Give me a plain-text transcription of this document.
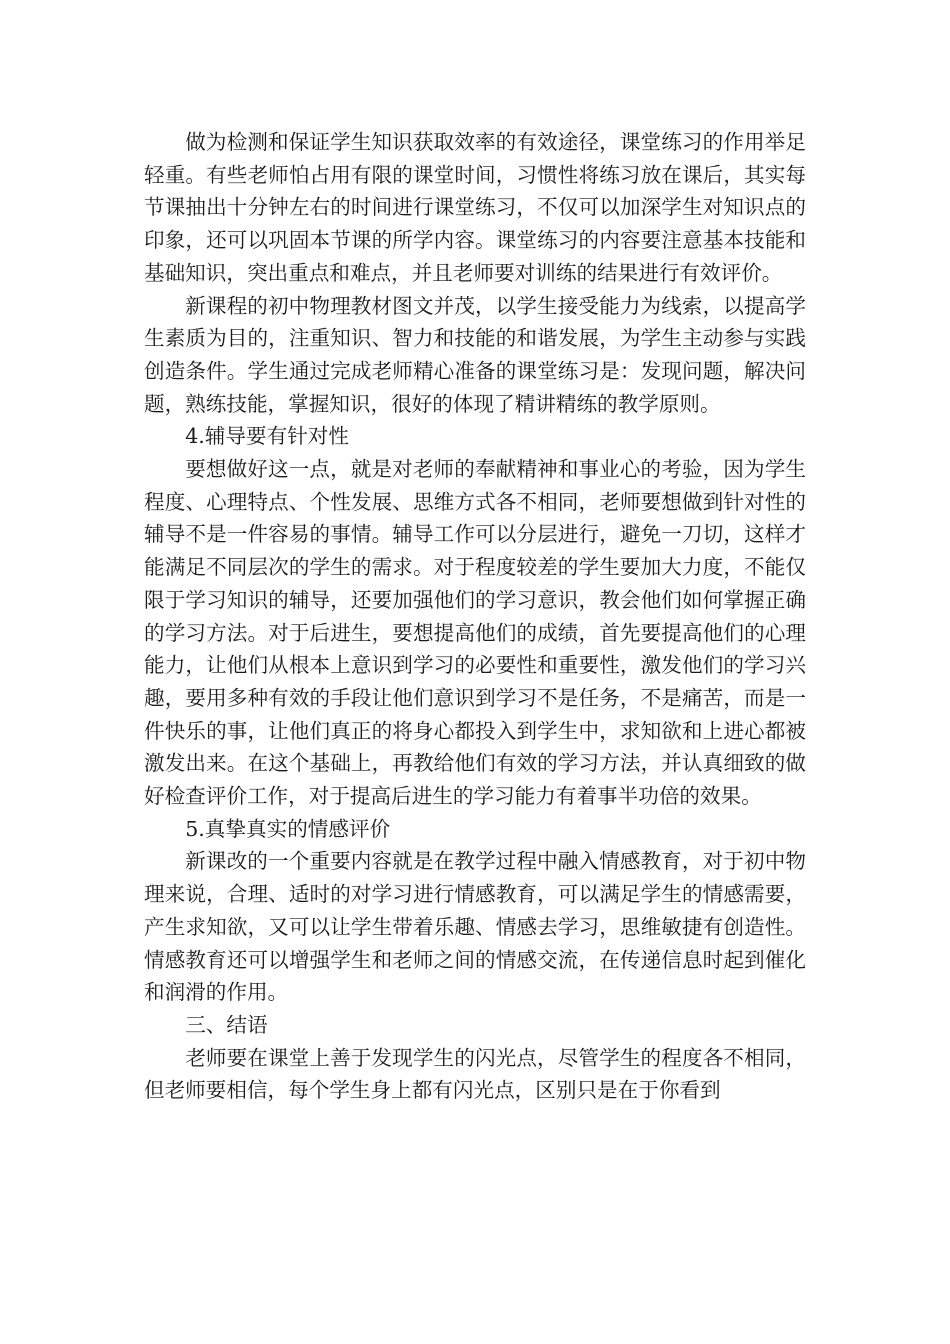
做为检测和保证学生知识获取效率的有效途径，课堂练习的作用举足轻重。有些老师怕占用有限的课堂时间，习惯性将练习放在课后，其实每节课抽出十分钟左右的时间进行课堂练习，不仅可以加深学生对知识点的印象，还可以巩固本节课的所学内容。课堂练习的内容要注意基本技能和基础知识，突出重点和难点，并且老师要对训练的结果进行有效评价。

新课程的初中物理教材图文并茂，以学生接受能力为线索，以提高学生素质为目的，注重知识、智力和技能的和谐发展，为学生主动参与实践创造条件。学生通过完成老师精心准备的课堂练习是：发现问题，解决问题，熟练技能，掌握知识，很好的体现了精讲精练的教学原则。

4.辅导要有针对性

要想做好这一点，就是对老师的奉献精神和事业心的考验，因为学生程度、心理特点、个性发展、思维方式各不相同，老师要想做到针对性的辅导不是一件容易的事情。辅导工作可以分层进行，避免一刀切，这样才能满足不同层次的学生的需求。对于程度较差的学生要加大力度，不能仅限于学习知识的辅导，还要加强他们的学习意识，教会他们如何掌握正确的学习方法。对于后进生，要想提高他们的成绩，首先要提高他们的心理能力，让他们从根本上意识到学习的必要性和重要性，激发他们的学习兴趣，要用多种有效的手段让他们意识到学习不是任务，不是痛苦，而是一件快乐的事，让他们真正的将身心都投入到学生中，求知欲和上进心都被激发出来。在这个基础上，再教给他们有效的学习方法，并认真细致的做好检查评价工作，对于提高后进生的学习能力有着事半功倍的效果。

5.真挚真实的情感评价

新课改的一个重要内容就是在教学过程中融入情感教育，对于初中物理来说，合理、适时的对学习进行情感教育，可以满足学生的情感需要，产生求知欲，又可以让学生带着乐趣、情感去学习，思维敏捷有创造性。情感教育还可以增强学生和老师之间的情感交流，在传递信息时起到催化和润滑的作用。

三、结语

老师要在课堂上善于发现学生的闪光点，尽管学生的程度各不相同，但老师要相信，每个学生身上都有闪光点，区别只是在于你看到
